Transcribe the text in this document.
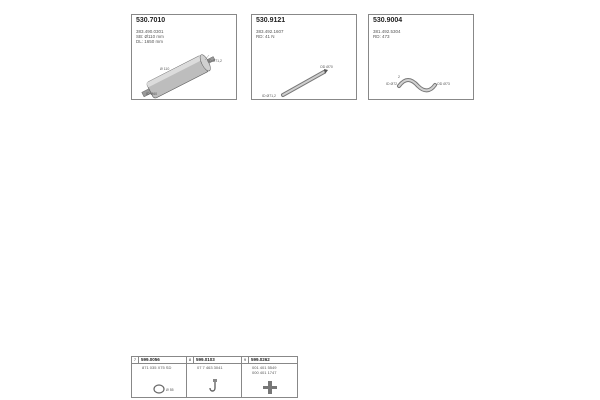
530.7010
383.490.0301
SB: Ø110 mm
DL: 1650 mm
ID Ø71,2
Ø 110
ID Ø60
530.9121
383.492.1607
RD: 41 N
OD Ø70
ID Ø71,2
530.9004
381.492.5304
RD: 473
2
ID Ø72	OD Ø73
7	599.0056
871 035 X75 SD
Ø 55
8	599.0103
07 7 463 3041
9	599.0262
001 401 5549
000 401 1747
